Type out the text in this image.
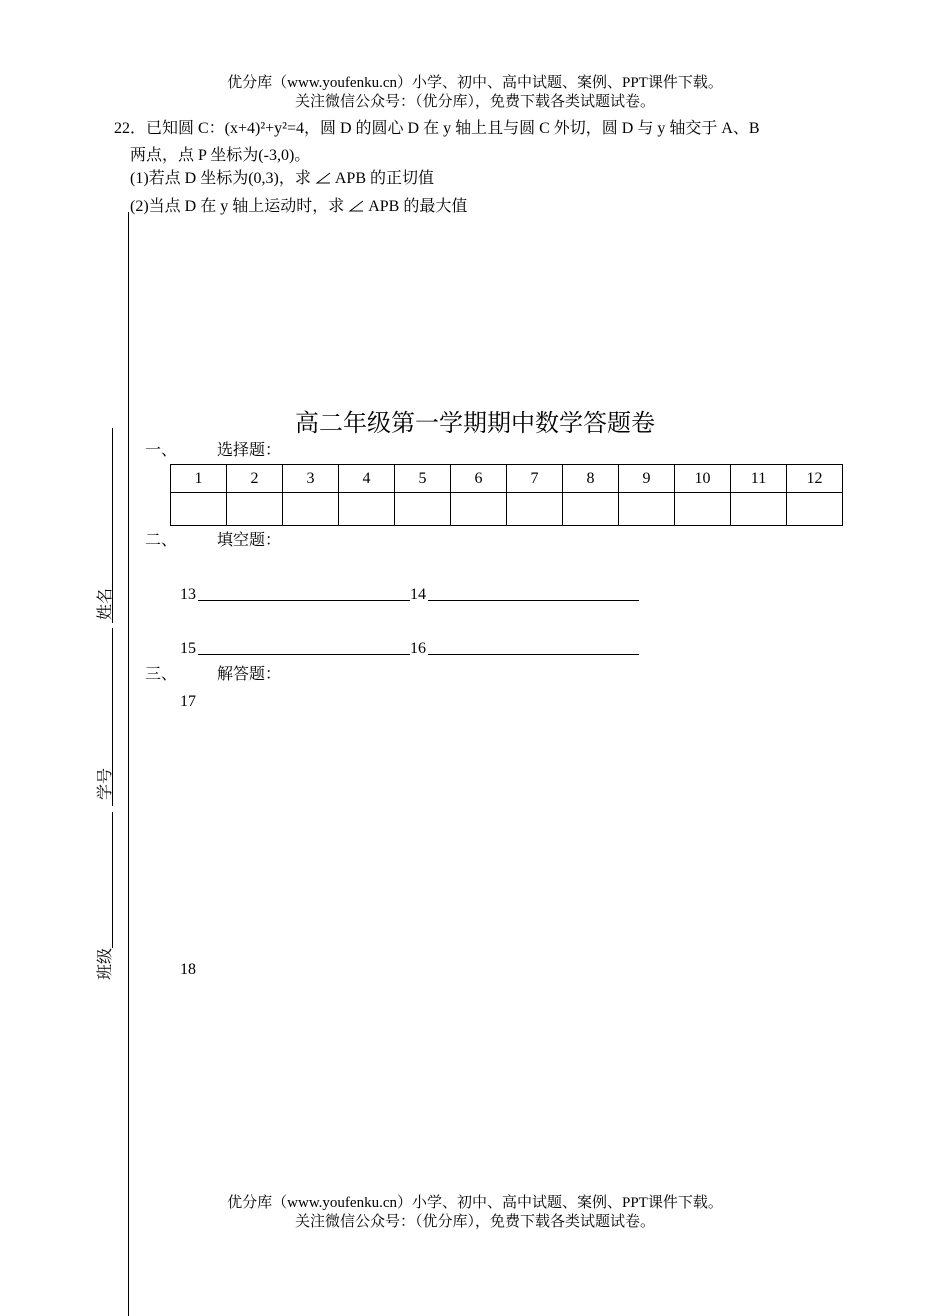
优分库（www.youfenku.cn）小学、初中、高中试题、案例、PPT课件下载。
关注微信公众号：（优分库），免费下载各类试题试卷。
22．已知圆 C：(x+4)²+y²=4，圆 D 的圆心 D 在 y 轴上且与圆 C 外切，圆 D 与 y 轴交于 A、B
两点，点 P 坐标为(-3,0)。
(1)若点 D 坐标为(0,3)，求 APB 的正切值
(2)当点 D 在 y 轴上运动时，求 APB 的最大值
姓名
学号
班级
高二年级第一学期期中数学答题卷
一、 选择题：
1	2	3	4	5	6	7	8	9	10	11	12

二、 填空题：
13	14
15	16
三、 解答题：
17
18
优分库（www.youfenku.cn）小学、初中、高中试题、案例、PPT课件下载。
关注微信公众号：（优分库），免费下载各类试题试卷。
